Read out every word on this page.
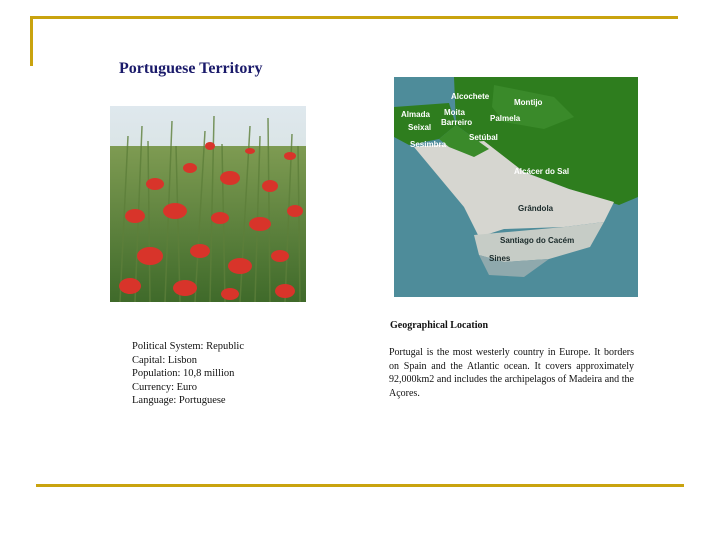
Portuguese Territory
Alcochete
Montijo
Moita
Almada
Barreiro Palmela
Seixal
Setúbal
Sesimbra
Alcácer do Sal
Grândola
Santiago do Cacém
Sines
Geographical Location
Political System: Republic
Capital: Lisbon
Population: 10,8 million
Currency: Euro
Language: Portuguese
Portugal is the most westerly country in Europe. It borders on Spain and the Atlantic ocean. It covers approximately 92,000km2 and includes the archipelagos of Madeira and the Açores.
